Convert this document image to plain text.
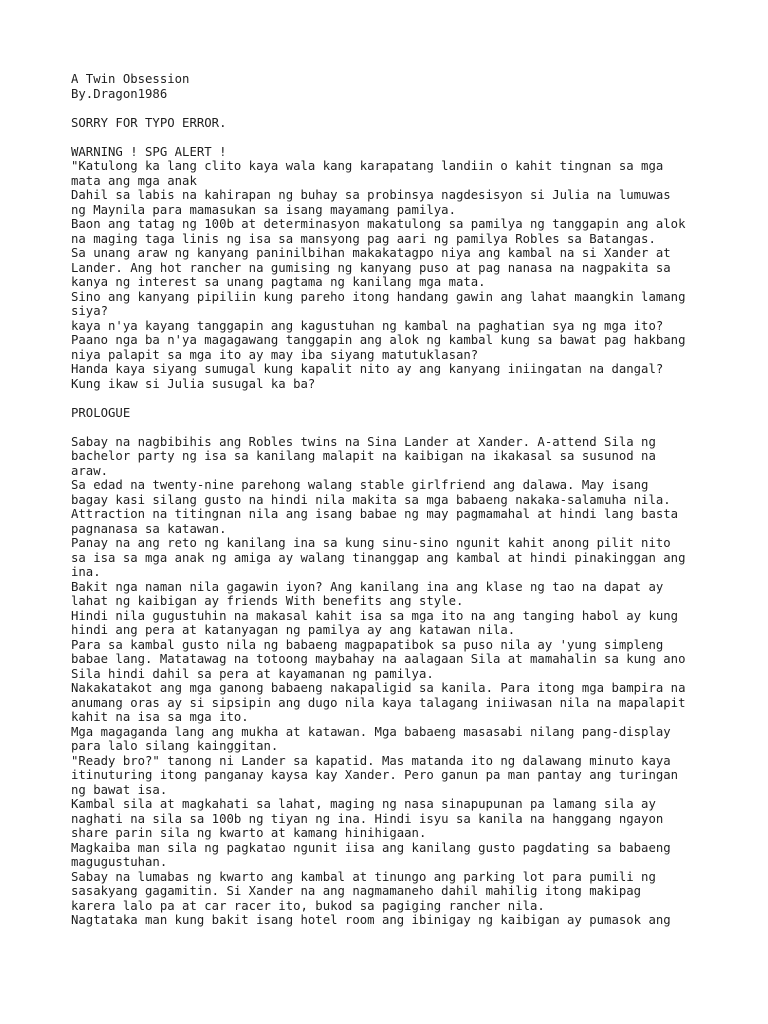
A Twin Obsession
By.Dragon1986
SORRY FOR TYPO ERROR.
WARNING ! SPG ALERT !
"Katulong ka lang clito kaya wala kang karapatang landiin o kahit tingnan sa mga
mata ang mga anak
Dahil sa labis na kahirapan ng buhay sa probinsya nagdesisyon si Julia na lumuwas
ng Maynila para mamasukan sa isang mayamang pamilya.
Baon ang tatag ng 100b at determinasyon makatulong sa pamilya ng tanggapin ang alok
na maging taga linis ng isa sa mansyong pag aari ng pamilya Robles sa Batangas.
Sa unang araw ng kanyang paninilbihan makakatagpo niya ang kambal na si Xander at
Lander. Ang hot rancher na gumising ng kanyang puso at pag nanasa na nagpakita sa
kanya ng interest sa unang pagtama ng kanilang mga mata.
Sino ang kanyang pipiliin kung pareho itong handang gawin ang lahat maangkin lamang
siya?
kaya n'ya kayang tanggapin ang kagustuhan ng kambal na paghatian sya ng mga ito?
Paano nga ba n'ya magagawang tanggapin ang alok ng kambal kung sa bawat pag hakbang
niya palapit sa mga ito ay may iba siyang matutuklasan?
Handa kaya siyang sumugal kung kapalit nito ay ang kanyang iniingatan na dangal?
Kung ikaw si Julia susugal ka ba?
PROLOGUE
Sabay na nagbibihis ang Robles twins na Sina Lander at Xander. A-attend Sila ng
bachelor party ng isa sa kanilang malapit na kaibigan na ikakasal sa susunod na
araw.
Sa edad na twenty-nine parehong walang stable girlfriend ang dalawa. May isang
bagay kasi silang gusto na hindi nila makita sa mga babaeng nakaka-salamuha nila.
Attraction na titingnan nila ang isang babae ng may pagmamahal at hindi lang basta
pagnanasa sa katawan.
Panay na ang reto ng kanilang ina sa kung sinu-sino ngunit kahit anong pilit nito
sa isa sa mga anak ng amiga ay walang tinanggap ang kambal at hindi pinakinggan ang
ina.
Bakit nga naman nila gagawin iyon? Ang kanilang ina ang klase ng tao na dapat ay
lahat ng kaibigan ay friends With benefits ang style.
Hindi nila gugustuhin na makasal kahit isa sa mga ito na ang tanging habol ay kung
hindi ang pera at katanyagan ng pamilya ay ang katawan nila.
Para sa kambal gusto nila ng babaeng magpapatibok sa puso nila ay 'yung simpleng
babae lang. Matatawag na totoong maybahay na aalagaan Sila at mamahalin sa kung ano
Sila hindi dahil sa pera at kayamanan ng pamilya.
Nakakatakot ang mga ganong babaeng nakapaligid sa kanila. Para itong mga bampira na
anumang oras ay si sipsipin ang dugo nila kaya talagang iniiwasan nila na mapalapit
kahit na isa sa mga ito.
Mga magaganda lang ang mukha at katawan. Mga babaeng masasabi nilang pang-display
para lalo silang kainggitan.
"Ready bro?" tanong ni Lander sa kapatid. Mas matanda ito ng dalawang minuto kaya
itinuturing itong panganay kaysa kay Xander. Pero ganun pa man pantay ang turingan
ng bawat isa.
Kambal sila at magkahati sa lahat, maging ng nasa sinapupunan pa lamang sila ay
naghati na sila sa 100b ng tiyan ng ina. Hindi isyu sa kanila na hanggang ngayon
share parin sila ng kwarto at kamang hinihigaan.
Magkaiba man sila ng pagkatao ngunit iisa ang kanilang gusto pagdating sa babaeng
magugustuhan.
Sabay na lumabas ng kwarto ang kambal at tinungo ang parking lot para pumili ng
sasakyang gagamitin. Si Xander na ang nagmamaneho dahil mahilig itong makipag
karera lalo pa at car racer ito, bukod sa pagiging rancher nila.
Nagtataka man kung bakit isang hotel room ang ibinigay ng kaibigan ay pumasok ang
